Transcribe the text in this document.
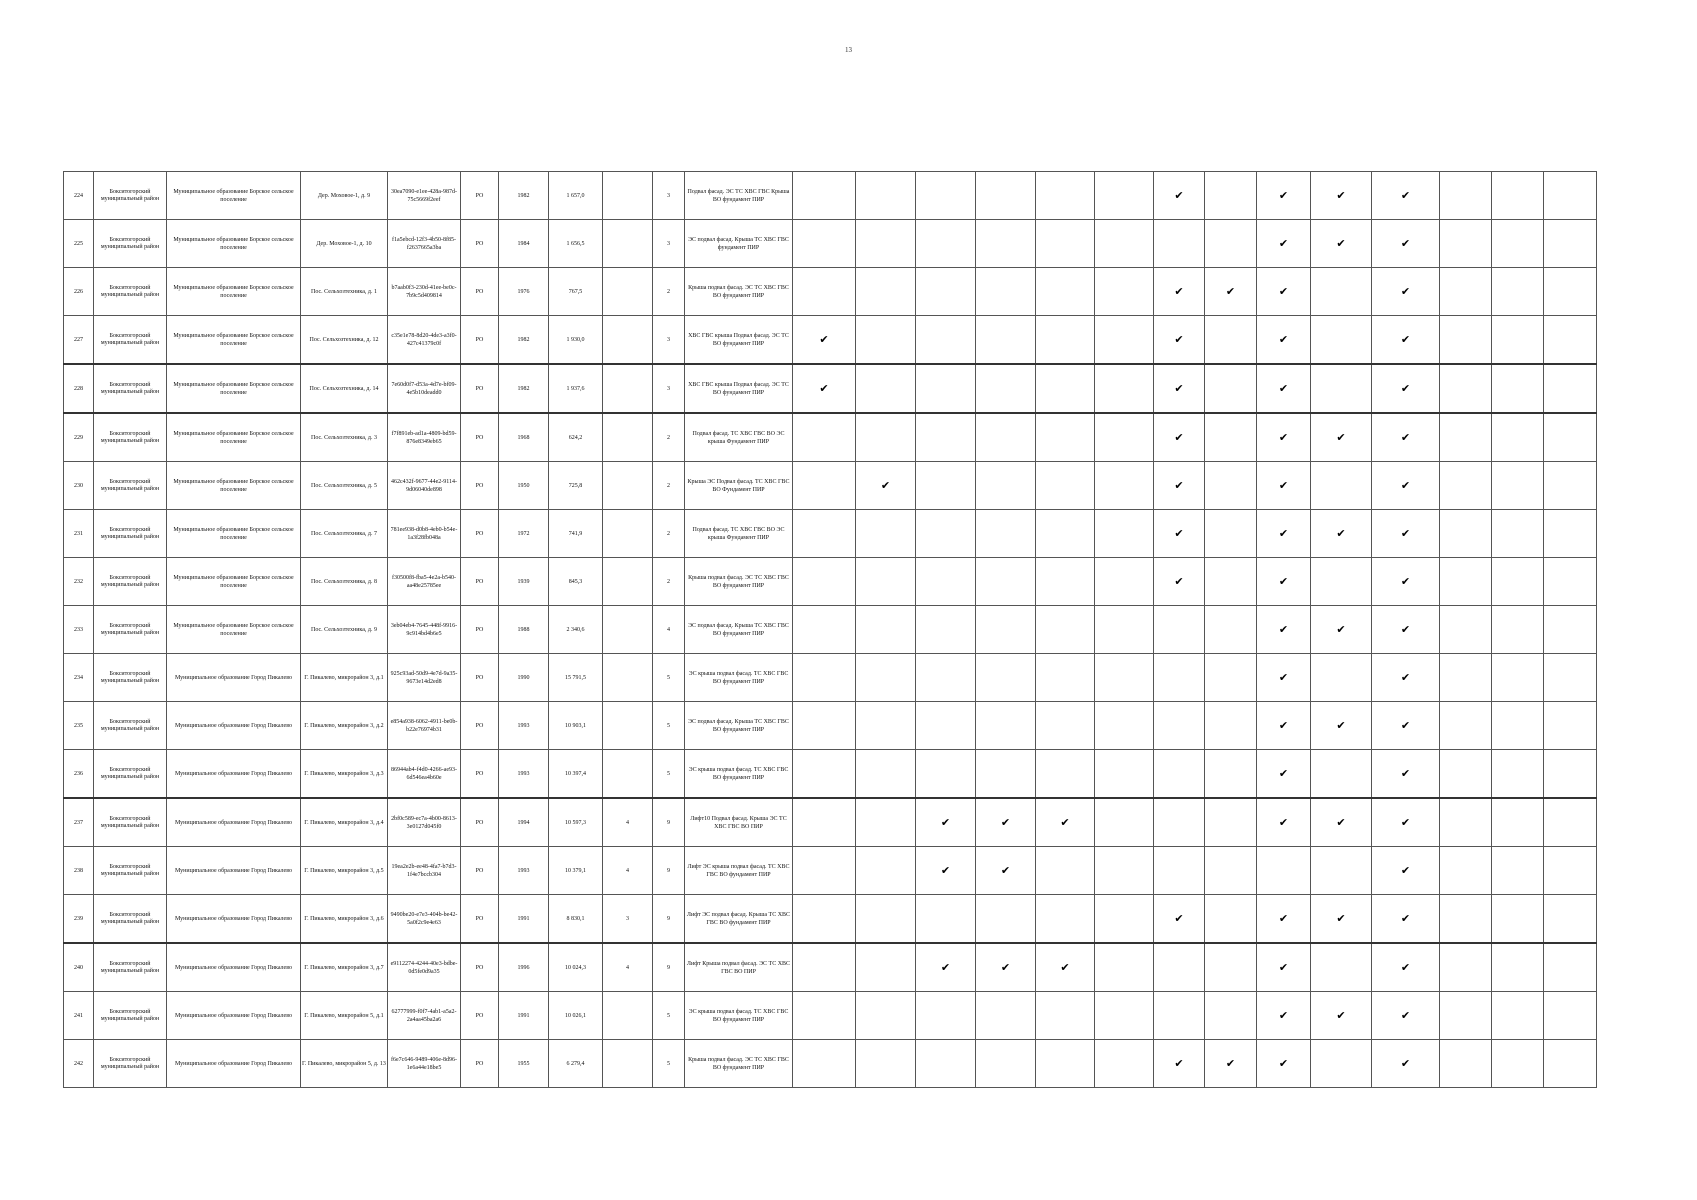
13
224	Бокситогорский муниципальный район	Муниципальное образование Борское сельское поселение	Дер. Моховое-1, д. 9	30ea7090-e1ee-428a-987d-75c5669f2eef	РО	1982	1 657,0		3	Подвал фасад. ЭС ТС ХВС ГВС Крыша ВО фундамент ПИР							✔		✔	✔	✔			
225	Бокситогорский муниципальный район	Муниципальное образование Борское сельское поселение	Дер. Моховое-1, д. 10	f1a5ebcd-12f3-4b50-8f85-f2637665a3ba	РО	1984	1 656,5		3	ЭС подвал фасад. Крыша ТС ХВС ГВС фундамент ПИР									✔	✔	✔			
226	Бокситогорский муниципальный район	Муниципальное образование Борское сельское поселение	Пос. Сельхозтехника, д. 1	b7aab0f3-230d-41ee-be0c-7b9c5d409814	РО	1976	767,5		2	Крыша подвал фасад. ЭС ТС ХВС ГВС ВО фундамент ПИР							✔	✔	✔		✔			
227	Бокситогорский муниципальный район	Муниципальное образование Борское сельское поселение	Пос. Сельхозтехника, д. 12	c35e1e78-8d20-4de3-a3f0-427c41379c0f	РО	1982	1 930,0		3	ХВС ГВС крыша Подвал фасад. ЭС ТС ВО фундамент ПИР	✔						✔		✔		✔			
228	Бокситогорский муниципальный район	Муниципальное образование Борское сельское поселение	Пос. Сельхозтехника, д. 14	7e60d0f7-d53a-4d7e-bf09-4e5b10deadd0	РО	1982	1 937,6		3	ХВС ГВС крыша Подвал фасад. ЭС ТС ВО фундамент ПИР	✔						✔		✔		✔			
229	Бокситогорский муниципальный район	Муниципальное образование Борское сельское поселение	Пос. Сельхозтехника, д. 3	f7f891eb-ad1a-4809-bd59-876e8349eb65	РО	1968	624,2		2	Подвал фасад. ТС ХВС ГВС ВО ЭС крыша Фундамент ПИР							✔		✔	✔	✔			
230	Бокситогорский муниципальный район	Муниципальное образование Борское сельское поселение	Пос. Сельхозтехника, д. 5	462c432f-9677-44e2-9114-9d06040de898	РО	1950	725,8		2	Крыша ЭС Подвал фасад. ТС ХВС ГВС ВО Фундамент ПИР		✔					✔		✔		✔			
231	Бокситогорский муниципальный район	Муниципальное образование Борское сельское поселение	Пос. Сельхозтехника, д. 7	781ee938-d0b8-4eb0-b54e-1a3f28fb048a	РО	1972	741,9		2	Подвал фасад. ТС ХВС ГВС ВО ЭС крыша Фундамент ПИР							✔		✔	✔	✔			
232	Бокситогорский муниципальный район	Муниципальное образование Борское сельское поселение	Пос. Сельхозтехника, д. 8	f30500f8-fba5-4e2a-b540-aa48e25785ee	РО	1939	845,3		2	Крыша подвал фасад. ЭС ТС ХВС ГВС ВО фундамент ПИР							✔		✔		✔			
233	Бокситогорский муниципальный район	Муниципальное образование Борское сельское поселение	Пос. Сельхозтехника, д. 9	3eb04eb4-7645-448f-9916-9c914bd4b6e5	РО	1988	2 340,6		4	ЭС подвал фасад. Крыша ТС ХВС ГВС ВО фундамент ПИР									✔	✔	✔			
234	Бокситогорский муниципальный район	Муниципальное образование Город Пикалево	Г. Пикалево, микрорайон 3, д.1	925c93ad-50d9-4e7d-9a35-9673e14d2ed8	РО	1990	15 791,5		5	ЭС крыша подвал фасад. ТС ХВС ГВС ВО фундамент ПИР									✔		✔			
235	Бокситогорский муниципальный район	Муниципальное образование Город Пикалево	Г. Пикалево, микрорайон 3, д.2	e854a938-6062-4911-be0b-b22e76974b31	РО	1993	10 903,1		5	ЭС подвал фасад. Крыша ТС ХВС ГВС ВО фундамент ПИР									✔	✔	✔			
236	Бокситогорский муниципальный район	Муниципальное образование Город Пикалево	Г. Пикалево, микрорайон 3, д.3	86944ab4-f4d0-4266-ae93-6d546ea4b60e	РО	1993	10 397,4		5	ЭС крыша подвал фасад. ТС ХВС ГВС ВО фундамент ПИР									✔		✔			
237	Бокситогорский муниципальный район	Муниципальное образование Город Пикалево	Г. Пикалево, микрорайон 3, д.4	2bf0c589-ec7a-4b00-8613-3e0127d045f0	РО	1994	10 597,3	4	9	Лифт10 Подвал фасад. Крыша ЭС ТС ХВС ГВС ВО ПИР			✔	✔	✔				✔	✔	✔			
238	Бокситогорский муниципальный район	Муниципальное образование Город Пикалево	Г. Пикалево, микрорайон 3, д.5	19ea2e2b-ee48-4fa7-b7d3-1f4e7bccb304	РО	1993	10 379,1	4	9	Лифт ЭС крыша подвал фасад. ТС ХВС ГВС ВО фундамент ПИР			✔	✔							✔			
239	Бокситогорский муниципальный район	Муниципальное образование Город Пикалево	Г. Пикалево, микрорайон 3, д.6	9490be20-e7e3-404b-be42-5a0f2c9e4e63	РО	1991	8 830,1	3	9	Лифт ЭС подвал фасад. Крыша ТС ХВС ГВС ВО фундамент ПИР							✔		✔	✔	✔			
240	Бокситогорский муниципальный район	Муниципальное образование Город Пикалево	Г. Пикалево, микрорайон 3, д.7	e9112274-4244-40e3-bdbe-0d5fe0d9a35	РО	1996	10 024,3	4	9	Лифт Крыша подвал фасад. ЭС ТС ХВС ГВС ВО ПИР			✔	✔	✔				✔		✔			
241	Бокситогорский муниципальный район	Муниципальное образование Город Пикалево	Г. Пикалево, микрорайон 5, д.1	62777999-f0f7-4ab1-a5a2-2a4aa45ba2a6	РО	1991	10 026,1		5	ЭС крыша подвал фасад. ТС ХВС ГВС ВО фундамент ПИР									✔	✔	✔			
242	Бокситогорский муниципальный район	Муниципальное образование Город Пикалево	Г. Пикалево, микрорайон 5, д. 13	f6e7c646-9489-406e-8d96-1e6a44e18be5	РО	1955	6 279,4		5	Крыша подвал фасад. ЭС ТС ХВС ГВС ВО фундамент ПИР							✔	✔	✔		✔			
